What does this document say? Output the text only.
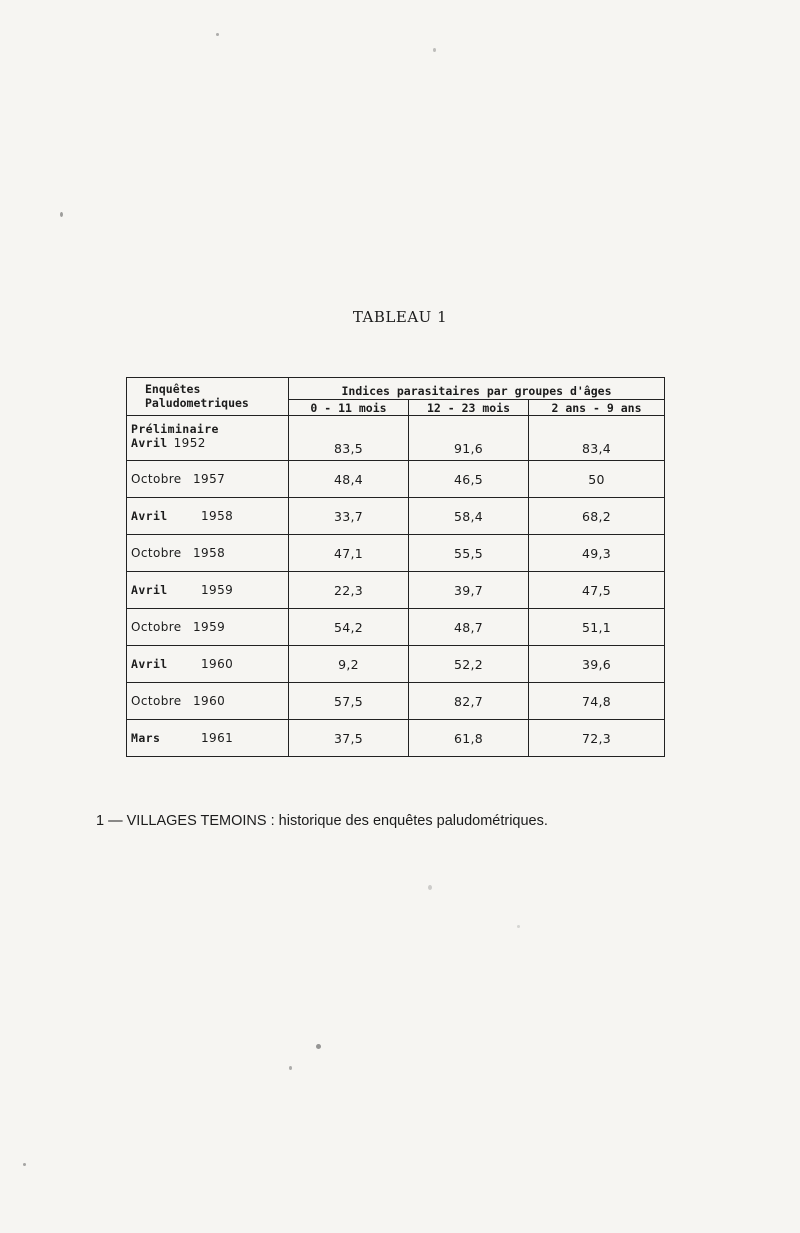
TABLEAU 1
Enquêtes
Paludometriques	Indices parasitaires par groupes d'âges		
	0 - 11 mois	12 - 23 mois	2 ans - 9 ans

Préliminaire
Avril 1952	83,5	91,6	83,4
Octobre 1957	48,4	46,5	50
Avril 1958	33,7	58,4	68,2
Octobre 1958	47,1	55,5	49,3
Avril 1959	22,3	39,7	47,5
Octobre 1959	54,2	48,7	51,1
Avril 1960	9,2	52,2	39,6
Octobre 1960	57,5	82,7	74,8
Mars 1961	37,5	61,8	72,3
1 — VILLAGES TEMOINS : historique des enquêtes paludométriques.
